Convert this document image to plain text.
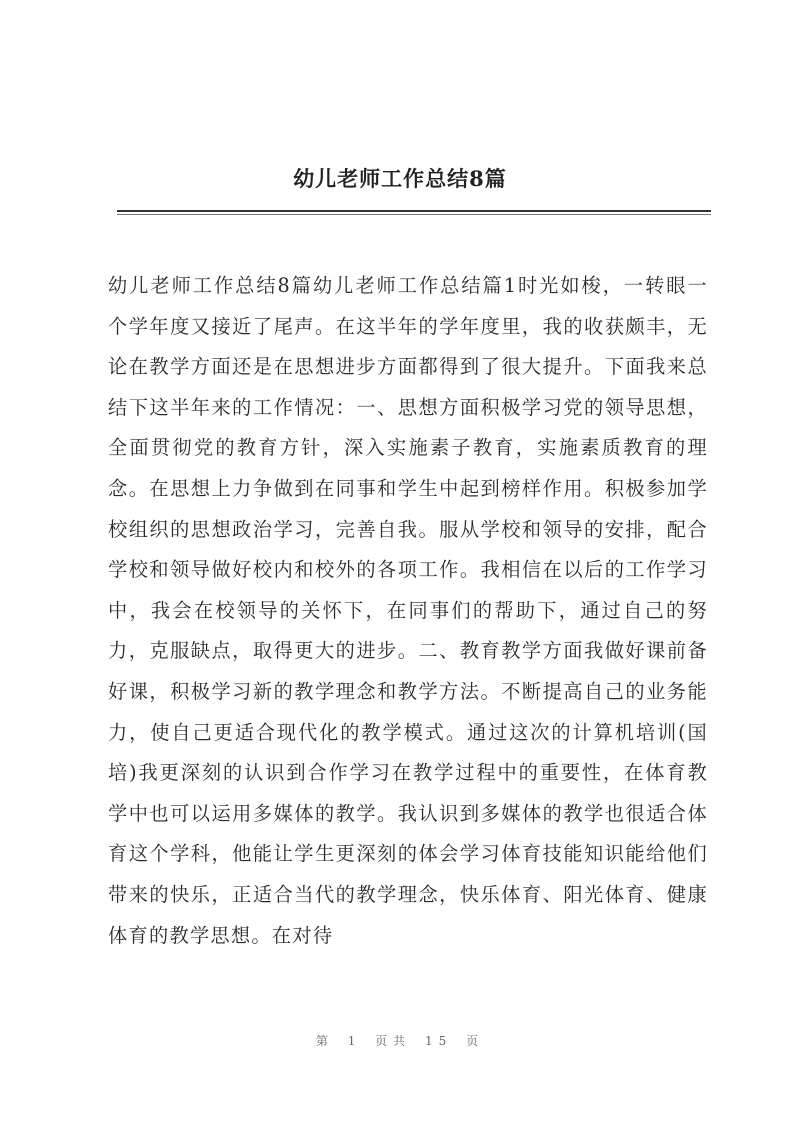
幼儿老师工作总结8篇

幼儿老师工作总结8篇幼儿老师工作总结篇1时光如梭，一转眼一个学年度又接近了尾声。在这半年的学年度里，我的收获颇丰，无论在教学方面还是在思想进步方面都得到了很大提升。下面我来总结下这半年来的工作情况：一、思想方面积极学习党的领导思想，全面贯彻党的教育方针，深入实施素子教育，实施素质教育的理念。在思想上力争做到在同事和学生中起到榜样作用。积极参加学校组织的思想政治学习，完善自我。服从学校和领导的安排，配合学校和领导做好校内和校外的各项工作。我相信在以后的工作学习中，我会在校领导的关怀下，在同事们的帮助下，通过自己的努力，克服缺点，取得更大的进步。二、教育教学方面我做好课前备好课，积极学习新的教学理念和教学方法。不断提高自己的业务能力，使自己更适合现代化的教学模式。通过这次的计算机培训(国培)我更深刻的认识到合作学习在教学过程中的重要性，在体育教学中也可以运用多媒体的教学。我认识到多媒体的教学也很适合体育这个学科，他能让学生更深刻的体会学习体育技能知识能给他们带来的快乐，正适合当代的教学理念，快乐体育、阳光体育、健康体育的教学思想。在对待

第 1 页共 15 页
